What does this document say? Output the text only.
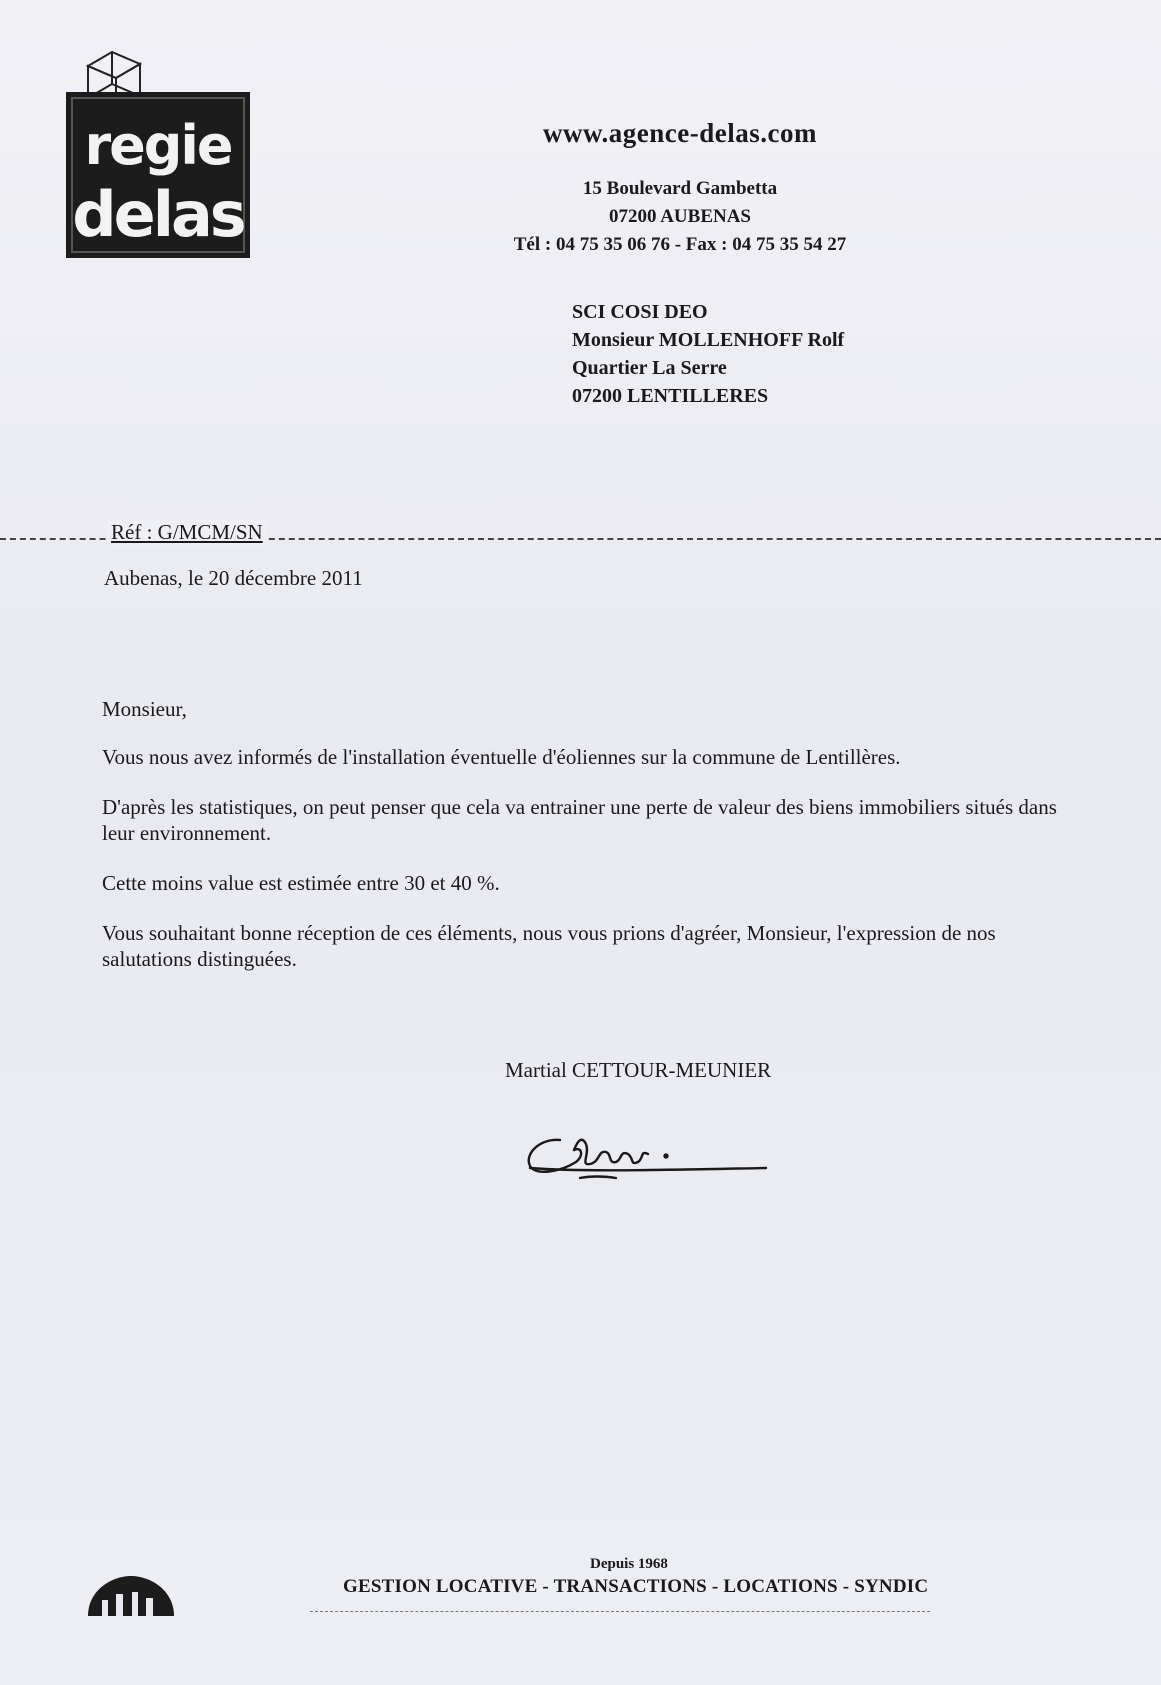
regie
delas
www.agence-delas.com
15 Boulevard Gambetta
07200 AUBENAS
Tél : 04 75 35 06 76 - Fax : 04 75 35 54 27
SCI COSI DEO
Monsieur MOLLENHOFF Rolf
Quartier La Serre
07200 LENTILLERES
Réf : G/MCM/SN
Aubenas, le 20 décembre 2011

Monsieur,

Vous nous avez informés de l'installation éventuelle d'éoliennes sur la commune de Lentillères.

D'après les statistiques, on peut penser que cela va entrainer une perte de valeur des biens immobiliers situés dans leur environnement.

Cette moins value est estimée entre 30 et 40 %.

Vous souhaitant bonne réception de ces éléments, nous vous prions d'agréer, Monsieur, l'expression de nos salutations distinguées.

Martial CETTOUR-MEUNIER
Depuis 1968
GESTION LOCATIVE - TRANSACTIONS - LOCATIONS - SYNDIC
